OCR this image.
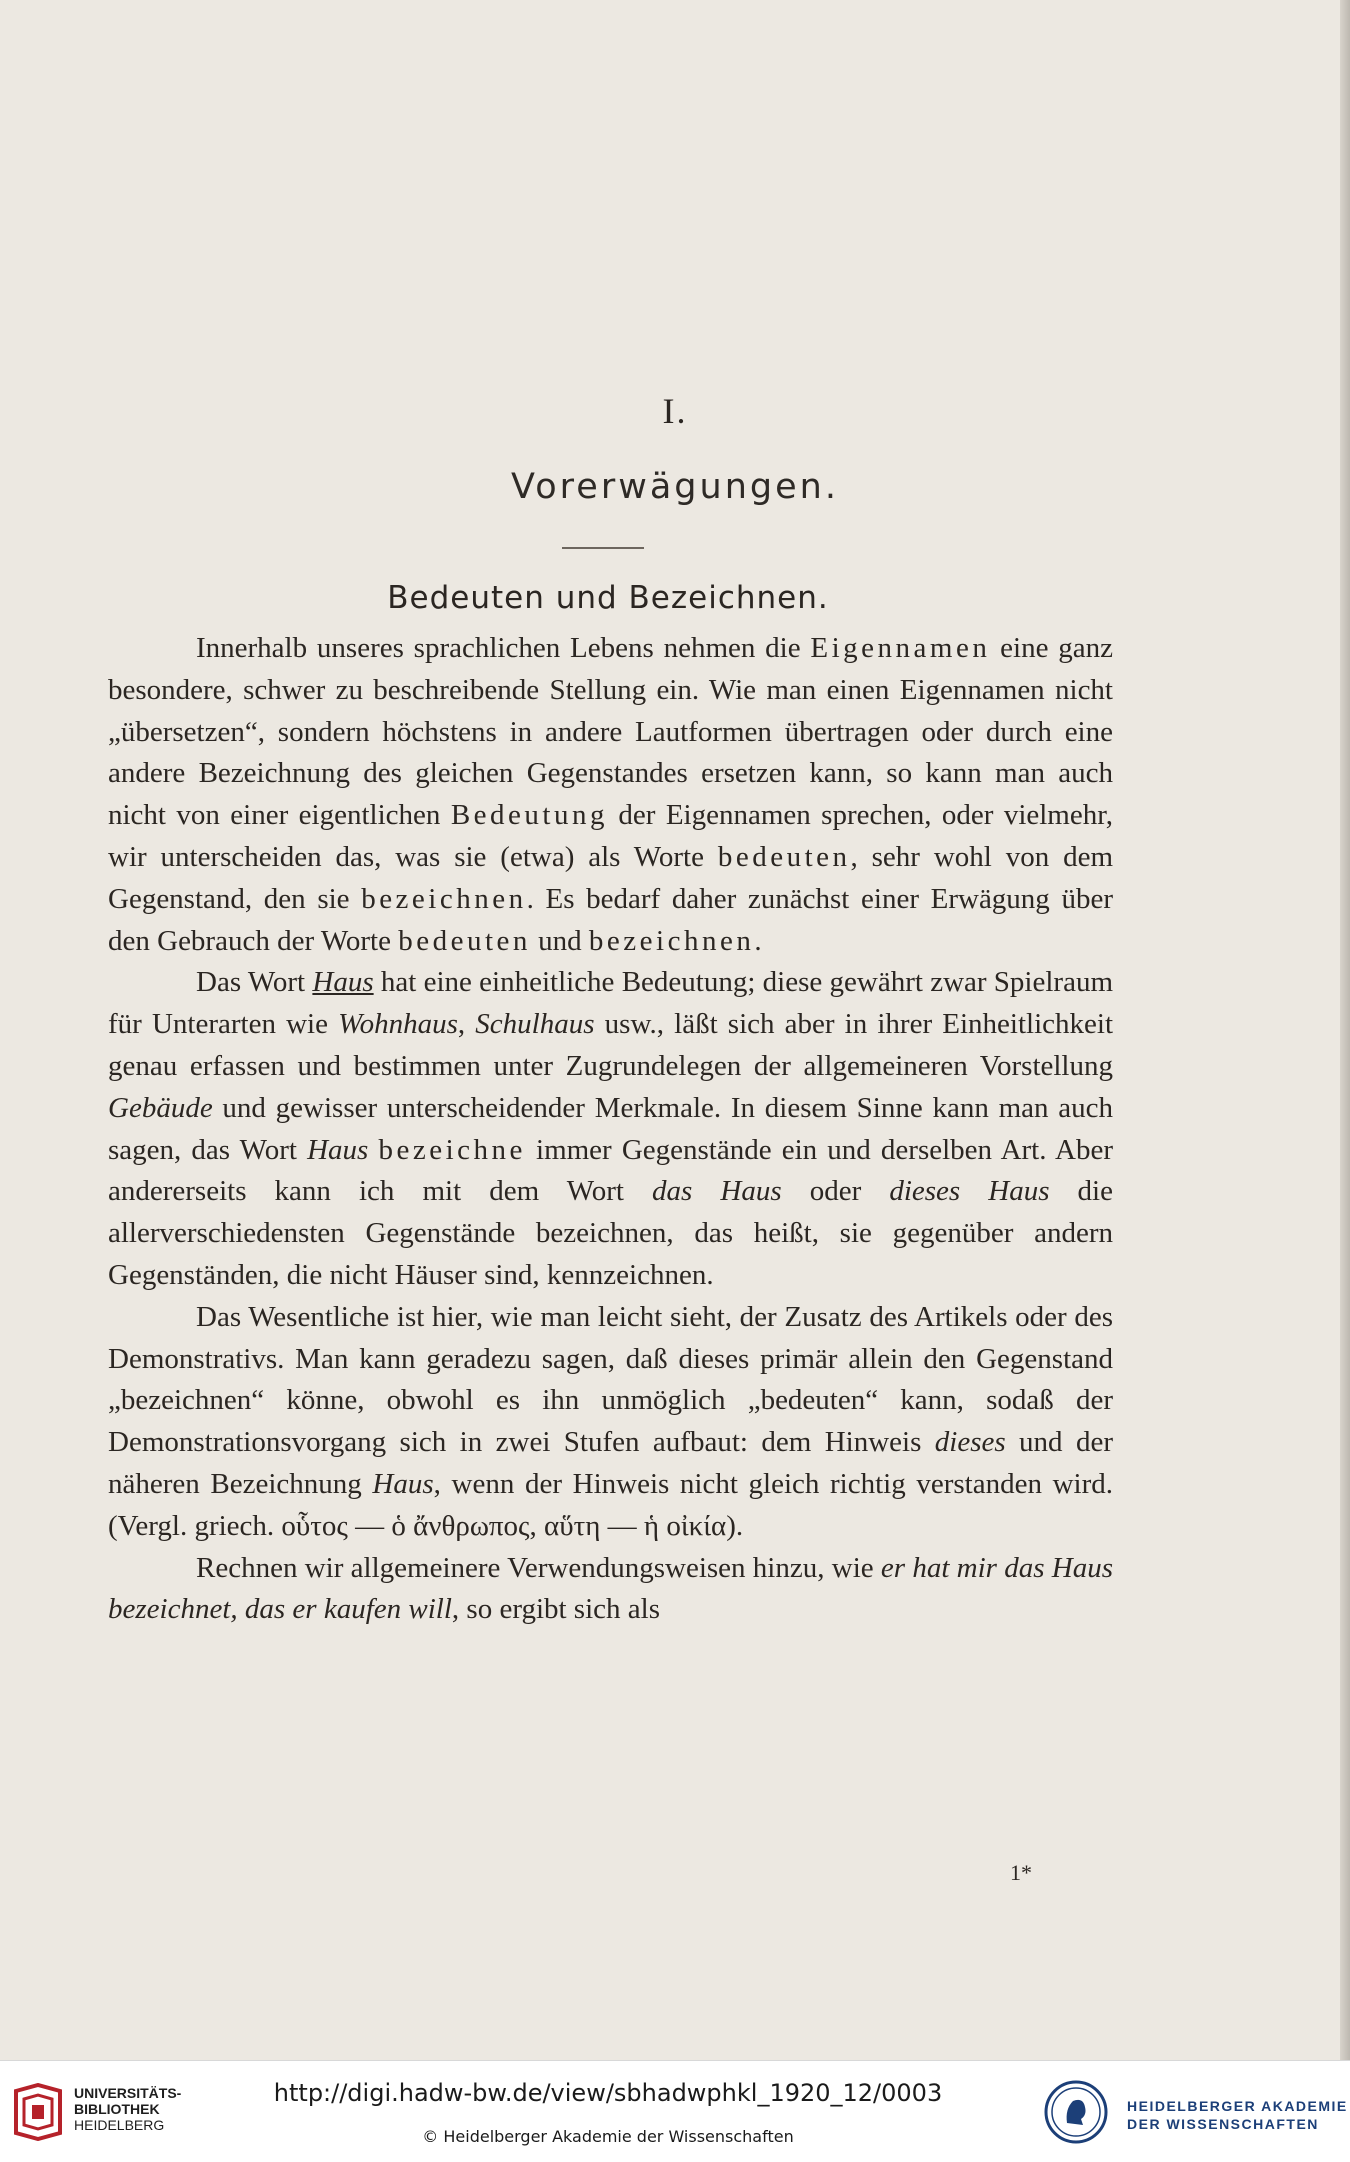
I.
Vorerwägungen.
Bedeuten und Bezeichnen.

Innerhalb unseres sprachlichen Lebens nehmen die Eigennamen eine ganz besondere, schwer zu beschreibende Stellung ein. Wie man einen Eigennamen nicht „übersetzen“, sondern höchstens in andere Lautformen übertragen oder durch eine andere Bezeichnung des gleichen Gegenstandes ersetzen kann, so kann man auch nicht von einer eigentlichen Bedeutung der Eigennamen sprechen, oder vielmehr, wir unterscheiden das, was sie (etwa) als Worte bedeuten, sehr wohl von dem Gegenstand, den sie bezeichnen. Es bedarf daher zunächst einer Erwägung über den Gebrauch der Worte bedeuten und bezeichnen.

Das Wort Haus hat eine einheitliche Bedeutung; diese gewährt zwar Spielraum für Unterarten wie Wohnhaus, Schulhaus usw., läßt sich aber in ihrer Einheitlichkeit genau erfassen und bestimmen unter Zugrundelegen der allgemeineren Vorstellung Gebäude und gewisser unterscheidender Merkmale. In diesem Sinne kann man auch sagen, das Wort Haus bezeichne immer Gegenstände ein und derselben Art. Aber andererseits kann ich mit dem Wort das Haus oder dieses Haus die allerverschiedensten Gegenstände bezeichnen, das heißt, sie gegenüber andern Gegenständen, die nicht Häuser sind, kennzeichnen.

Das Wesentliche ist hier, wie man leicht sieht, der Zusatz des Artikels oder des Demonstrativs. Man kann geradezu sagen, daß dieses primär allein den Gegenstand „bezeichnen“ könne, obwohl es ihn unmöglich „bedeuten“ kann, sodaß der Demonstrationsvorgang sich in zwei Stufen aufbaut: dem Hinweis dieses und der näheren Bezeichnung Haus, wenn der Hinweis nicht gleich richtig verstanden wird. (Vergl. griech. οὗτος — ὁ ἄνθρωπος, αὕτη — ἡ οἰκία).

Rechnen wir allgemeinere Verwendungsweisen hinzu, wie er hat mir das Haus bezeichnet, das er kaufen will, so ergibt sich als

1*
UNIVERSITÄTS-
BIBLIOTHEK
HEIDELBERG
http://digi.hadw-bw.de/view/sbhadwphkl_1920_12/0003
© Heidelberger Akademie der Wissenschaften
HEIDELBERGER AKADEMIE
DER WISSENSCHAFTEN
